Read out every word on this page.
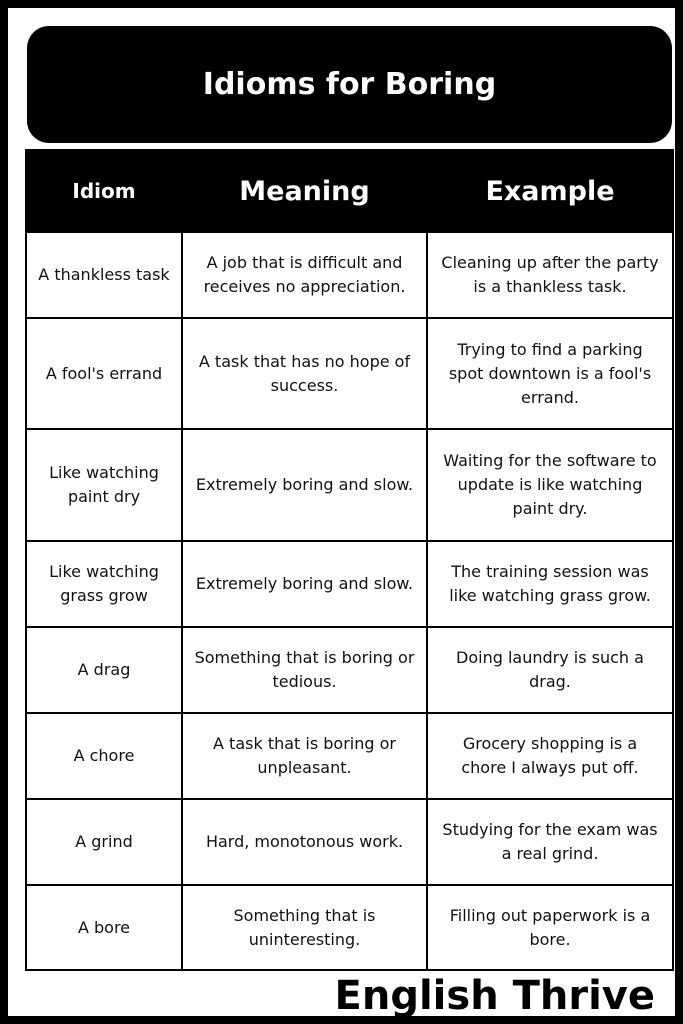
Idioms for Boring
Idiom	Meaning	Example
A thankless task	A job that is difficult and receives no appreciation.	Cleaning up after the party is a thankless task.
A fool's errand	A task that has no hope of success.	Trying to find a parking spot downtown is a fool's errand.
Like watching paint dry	Extremely boring and slow.	Waiting for the software to update is like watching paint dry.
Like watching grass grow	Extremely boring and slow.	The training session was like watching grass grow.
A drag	Something that is boring or tedious.	Doing laundry is such a drag.
A chore	A task that is boring or unpleasant.	Grocery shopping is a chore I always put off.
A grind	Hard, monotonous work.	Studying for the exam was a real grind.
A bore	Something that is uninteresting.	Filling out paperwork is a bore.
English Thrive
